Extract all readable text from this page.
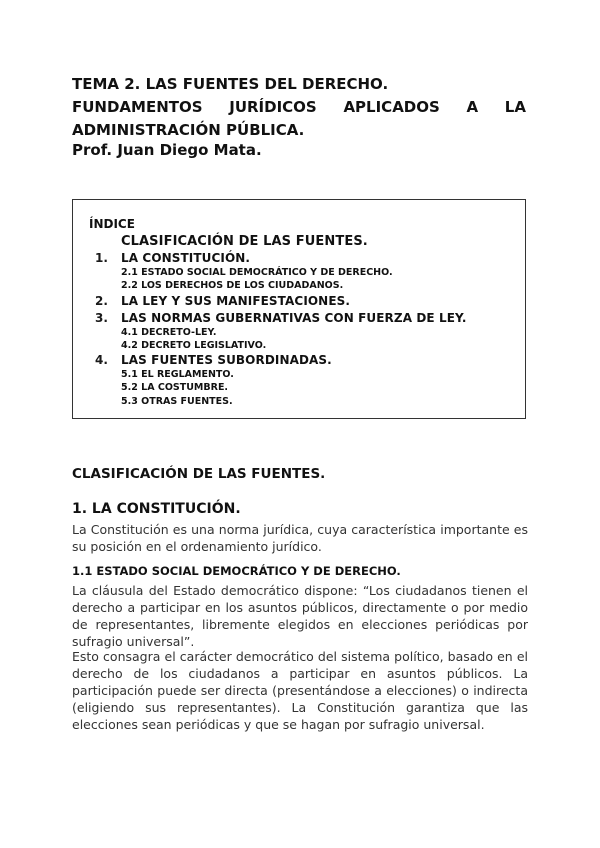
TEMA 2. LAS FUENTES DEL DERECHO.
FUNDAMENTOS JURÍDICOS APLICADOS A LA
ADMINISTRACIÓN PÚBLICA.
Prof. Juan Diego Mata.
ÍNDICE
CLASIFICACIÓN DE LAS FUENTES.
1. LA CONSTITUCIÓN.
2.1 ESTADO SOCIAL DEMOCRÁTICO Y DE DERECHO.
2.2 LOS DERECHOS DE LOS CIUDADANOS.
2. LA LEY Y SUS MANIFESTACIONES.
3. LAS NORMAS GUBERNATIVAS CON FUERZA DE LEY.
4.1 DECRETO-LEY.
4.2 DECRETO LEGISLATIVO.
4. LAS FUENTES SUBORDINADAS.
5.1 EL REGLAMENTO.
5.2 LA COSTUMBRE.
5.3 OTRAS FUENTES.
CLASIFICACIÓN DE LAS FUENTES.
1. LA CONSTITUCIÓN.

La Constitución es una norma jurídica, cuya característica importante es su posición en el ordenamiento jurídico.

1.1 ESTADO SOCIAL DEMOCRÁTICO Y DE DERECHO.

La cláusula del Estado democrático dispone: “Los ciudadanos tienen el derecho a participar en los asuntos públicos, directamente o por medio de representantes, libremente elegidos en elecciones periódicas por sufragio universal”.

Esto consagra el carácter democrático del sistema político, basado en el derecho de los ciudadanos a participar en asuntos públicos. La participación puede ser directa (presentándose a elecciones) o indirecta (eligiendo sus representantes). La Constitución garantiza que las elecciones sean periódicas y que se hagan por sufragio universal.
